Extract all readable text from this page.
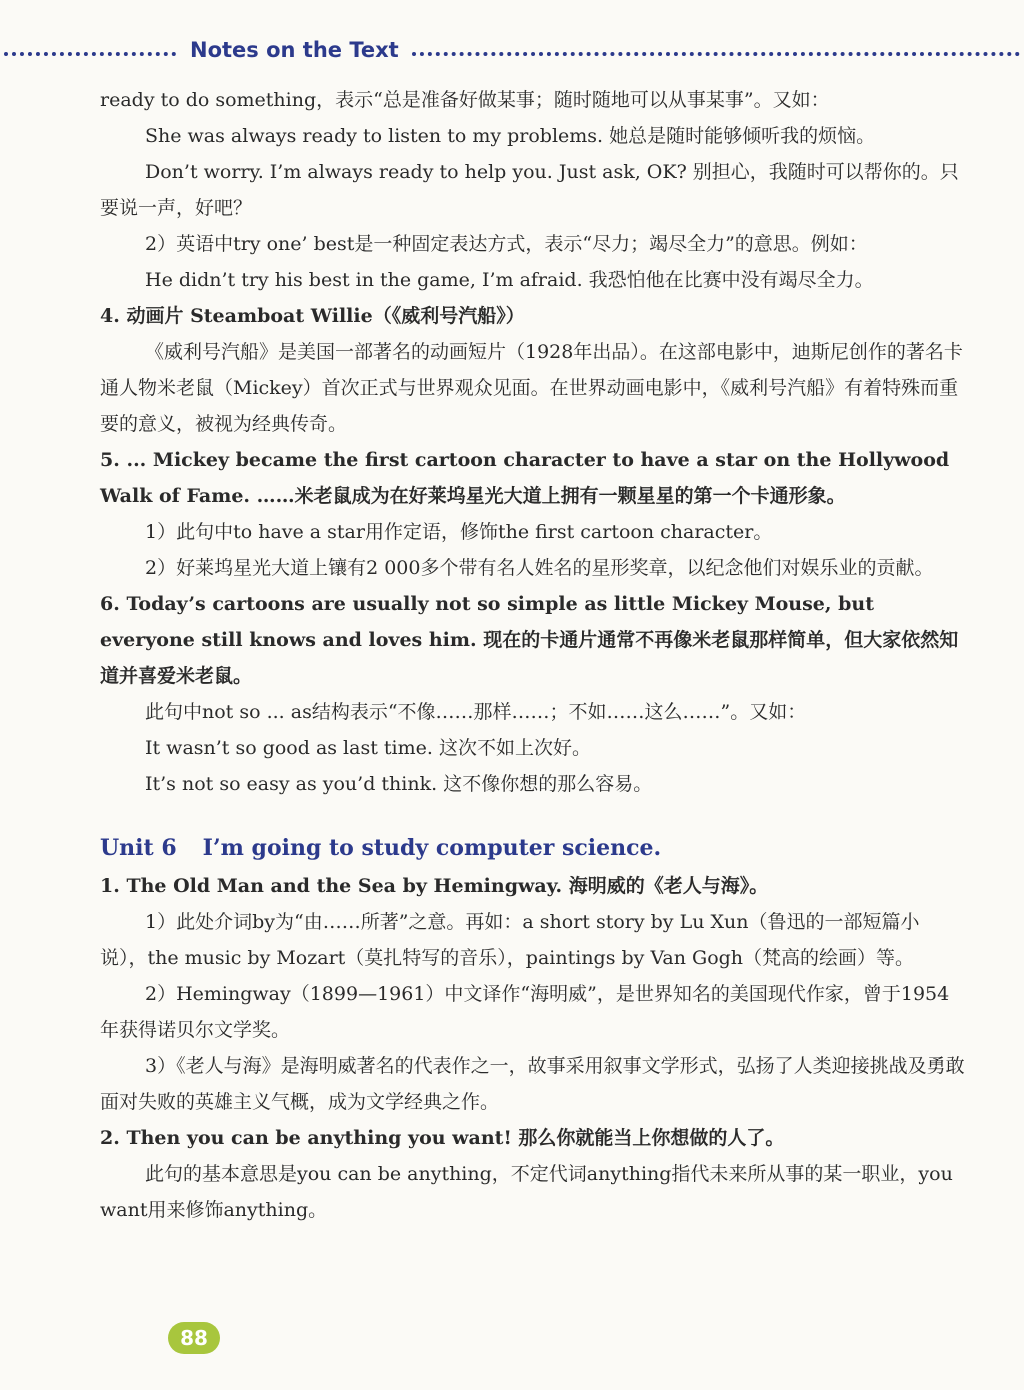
Notes on the Text

ready to do something，表示“总是准备好做某事；随时随地可以从事某事”。又如：

She was always ready to listen to my problems. 她总是随时能够倾听我的烦恼。

Don’t worry. I’m always ready to help you. Just ask, OK? 别担心，我随时可以帮你的。只要说一声，好吧？

2）英语中try one’ best是一种固定表达方式，表示“尽力；竭尽全力”的意思。例如：

He didn’t try his best in the game, I’m afraid. 我恐怕他在比赛中没有竭尽全力。

4. 动画片 Steamboat Willie（《威利号汽船》）

《威利号汽船》是美国一部著名的动画短片（1928年出品）。在这部电影中，迪斯尼创作的著名卡通人物米老鼠（Mickey）首次正式与世界观众见面。在世界动画电影中，《威利号汽船》有着特殊而重要的意义，被视为经典传奇。

5. ... Mickey became the first cartoon character to have a star on the Hollywood Walk of Fame. ……米老鼠成为在好莱坞星光大道上拥有一颗星星的第一个卡通形象。

1）此句中to have a star用作定语，修饰the first cartoon character。

2）好莱坞星光大道上镶有2 000多个带有名人姓名的星形奖章，以纪念他们对娱乐业的贡献。

6. Today’s cartoons are usually not so simple as little Mickey Mouse, but everyone still knows and loves him. 现在的卡通片通常不再像米老鼠那样简单，但大家依然知道并喜爱米老鼠。

此句中not so ... as结构表示“不像……那样……；不如……这么……”。又如：

It wasn’t so good as last time. 这次不如上次好。

It’s not so easy as you’d think. 这不像你想的那么容易。

Unit 6 I’m going to study computer science.

1. The Old Man and the Sea by Hemingway. 海明威的《老人与海》。

1）此处介词by为“由……所著”之意。再如：a short story by Lu Xun（鲁迅的一部短篇小说），the music by Mozart（莫扎特写的音乐），paintings by Van Gogh（梵高的绘画）等。

2）Hemingway（1899—1961）中文译作“海明威”，是世界知名的美国现代作家，曾于1954年获得诺贝尔文学奖。

3）《老人与海》是海明威著名的代表作之一，故事采用叙事文学形式，弘扬了人类迎接挑战及勇敢面对失败的英雄主义气概，成为文学经典之作。

2. Then you can be anything you want! 那么你就能当上你想做的人了。

此句的基本意思是you can be anything，不定代词anything指代未来所从事的某一职业，you want用来修饰anything。

88
